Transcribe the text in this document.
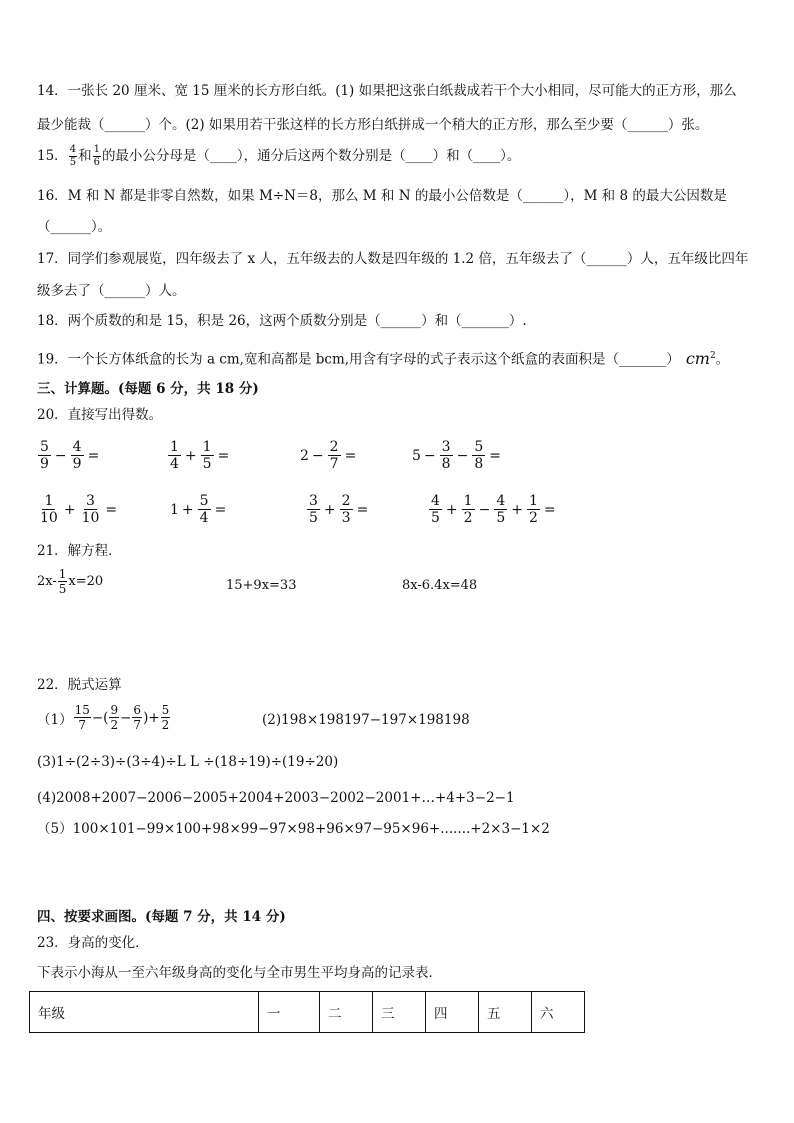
14．一张长 20 厘米、宽 15 厘米的长方形白纸。(1) 如果把这张白纸裁成若干个大小相同，尽可能大的正方形，那么
最少能裁（______）个。(2) 如果用若干张这样的长方形白纸拼成一个稍大的正方形，那么至少要（______）张。
15． $\frac{4}{5}$ 和 $\frac{1}{6}$ 的最小公分母是（____），通分后这两个数分别是（____）和（____）。
16．M 和 N 都是非零自然数，如果 M÷N＝8，那么 M 和 N 的最小公倍数是（______），M 和 8 的最大公因数是
（______）。
17．同学们参观展览，四年级去了 x 人，五年级去的人数是四年级的 1.2 倍，五年级去了（______）人，五年级比四年
级多去了（______）人。
18．两个质数的和是 15，积是 26，这两个质数分别是（______）和（_______）.
19．一个长方体纸盒的长为 a cm,宽和高都是 bcm,用含有字母的式子表示这个纸盒的表面积是（_______） $cm^2$。
三、计算题。(每题 6 分，共 18 分)
20．直接写出得数。
$\frac{5}{9} - \frac{4}{9}$ =	$\frac{1}{4} + \frac{1}{5}$ =	$2 - \frac{2}{7}$ =	$5 - \frac{3}{8} - \frac{5}{8}$ =
$\frac{1}{10} + \frac{3}{10}$ =	$1 + \frac{5}{4}$ =	$\frac{3}{5} + \frac{2}{3}$ =	$\frac{4}{5} + \frac{1}{2} - \frac{4}{5} + \frac{1}{2}$ =
21．解方程．
$2x- \frac{1}{5} x=20$	15+9x=33	8x-6.4x=48
22．脱式运算
$(1) \frac{15}{7}$ −( $\frac{9}{2} - \frac{6}{7}$ )+ $\frac{5}{2}$	(2)198×198197−197×198198
(3)1÷(2÷3)÷(3÷4)÷L L ÷(18÷19)÷(19÷20)
(4)2008+2007−2006−2005+2004+2003−2002−2001+…+4+3−2−1
（5）100×101−99×100+98×99−97×98+96×97−95×96+.......+2×3−1×2
四、按要求画图。(每题 7 分，共 14 分)
23．身高的变化．
下表示小海从一至六年级身高的变化与全市男生平均身高的记录表．
年级	一	二	三	四	五	六
